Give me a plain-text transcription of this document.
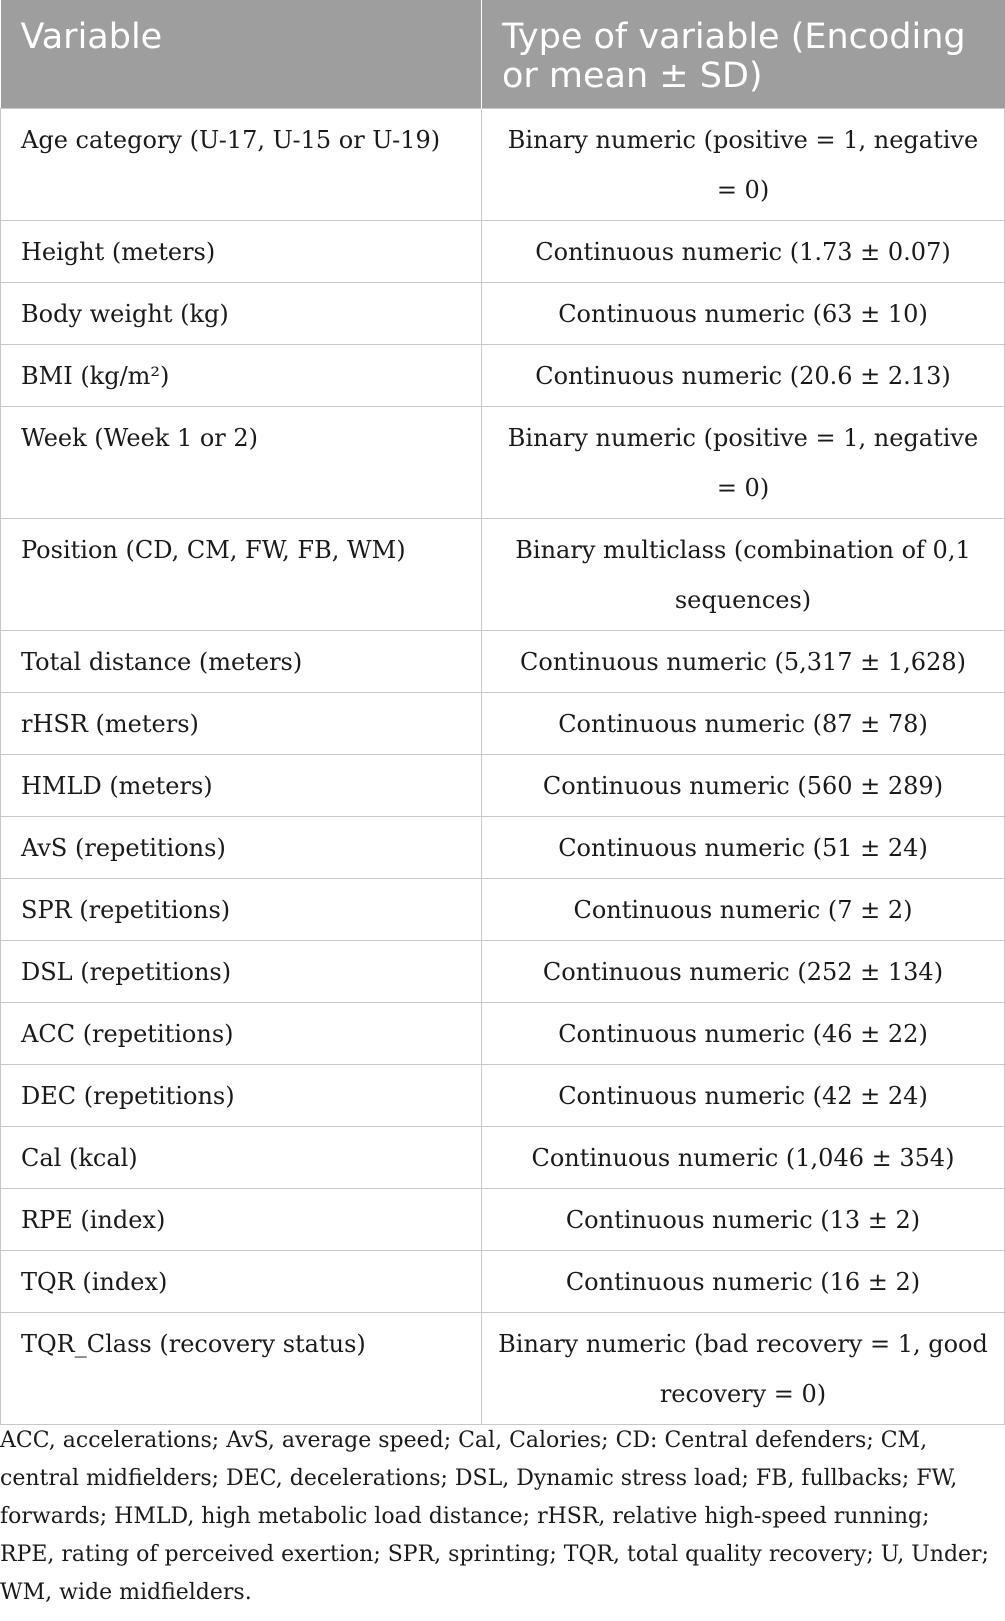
Variable	Type of variable (Encoding or mean ± SD)
Age category (U-17, U-15 or U-19)	Binary numeric (positive = 1, negative = 0)
Height (meters)	Continuous numeric (1.73 ± 0.07)
Body weight (kg)	Continuous numeric (63 ± 10)
BMI (kg/m²)	Continuous numeric (20.6 ± 2.13)
Week (Week 1 or 2)	Binary numeric (positive = 1, negative = 0)
Position (CD, CM, FW, FB, WM)	Binary multiclass (combination of 0,1 sequences)
Total distance (meters)	Continuous numeric (5,317 ± 1,628)
rHSR (meters)	Continuous numeric (87 ± 78)
HMLD (meters)	Continuous numeric (560 ± 289)
AvS (repetitions)	Continuous numeric (51 ± 24)
SPR (repetitions)	Continuous numeric (7 ± 2)
DSL (repetitions)	Continuous numeric (252 ± 134)
ACC (repetitions)	Continuous numeric (46 ± 22)
DEC (repetitions)	Continuous numeric (42 ± 24)
Cal (kcal)	Continuous numeric (1,046 ± 354)
RPE (index)	Continuous numeric (13 ± 2)
TQR (index)	Continuous numeric (16 ± 2)
TQR_Class (recovery status)	Binary numeric (bad recovery = 1, good recovery = 0)
ACC, accelerations; AvS, average speed; Cal, Calories; CD: Central defenders; CM, central midfielders; DEC, decelerations; DSL, Dynamic stress load; FB, fullbacks; FW, forwards; HMLD, high metabolic load distance; rHSR, relative high-speed running; RPE, rating of perceived exertion; SPR, sprinting; TQR, total quality recovery; U, Under; WM, wide midfielders.
